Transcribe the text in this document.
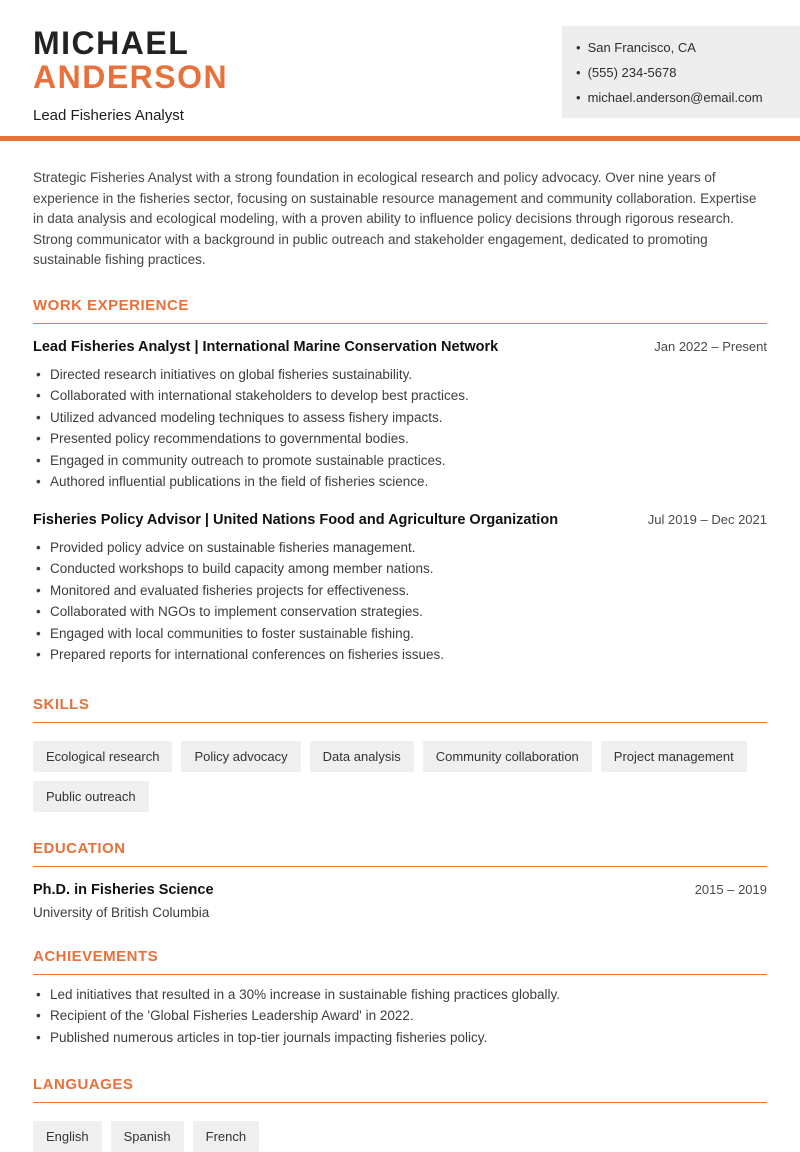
MICHAEL
ANDERSON
Lead Fisheries Analyst
• San Francisco, CA
• (555) 234-5678
• michael.anderson@email.com

Strategic Fisheries Analyst with a strong foundation in ecological research and policy advocacy. Over nine years of experience in the fisheries sector, focusing on sustainable resource management and community collaboration. Expertise in data analysis and ecological modeling, with a proven ability to influence policy decisions through rigorous research. Strong communicator with a background in public outreach and stakeholder engagement, dedicated to promoting sustainable fishing practices.

WORK EXPERIENCE
Lead Fisheries Analyst | International Marine Conservation Network	Jan 2022 – Present
• Directed research initiatives on global fisheries sustainability.
• Collaborated with international stakeholders to develop best practices.
• Utilized advanced modeling techniques to assess fishery impacts.
• Presented policy recommendations to governmental bodies.
• Engaged in community outreach to promote sustainable practices.
• Authored influential publications in the field of fisheries science.
Fisheries Policy Advisor | United Nations Food and Agriculture Organization	Jul 2019 – Dec 2021
• Provided policy advice on sustainable fisheries management.
• Conducted workshops to build capacity among member nations.
• Monitored and evaluated fisheries projects for effectiveness.
• Collaborated with NGOs to implement conservation strategies.
• Engaged with local communities to foster sustainable fishing.
• Prepared reports for international conferences on fisheries issues.
SKILLS
Ecological research	Policy advocacy	Data analysis	Community collaboration	Project management
Public outreach
EDUCATION
Ph.D. in Fisheries Science	2015 – 2019
University of British Columbia
ACHIEVEMENTS
• Led initiatives that resulted in a 30% increase in sustainable fishing practices globally.
• Recipient of the 'Global Fisheries Leadership Award' in 2022.
• Published numerous articles in top-tier journals impacting fisheries policy.
LANGUAGES
English	Spanish	French
